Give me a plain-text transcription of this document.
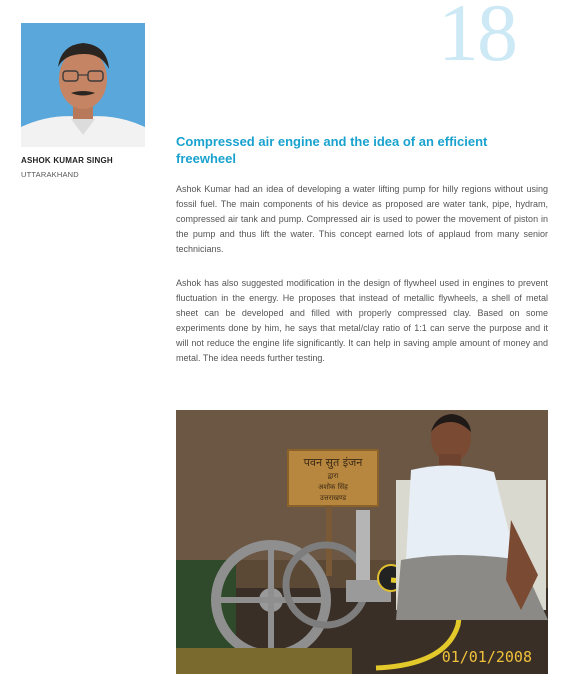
18
ASHOK KUMAR SINGH
UTTARAKHAND
Compressed air engine and the idea of an efficient freewheel

Ashok Kumar had an idea of developing a water lifting pump for hilly regions without using fossil fuel. The main components of his device as proposed are water tank, pipe, hydram, compressed air tank and pump. Compressed air is used to power the movement of piston in the pump and thus lift the water. This concept earned lots of applaud from many senior technicians.

Ashok has also suggested modification in the design of flywheel used in engines to prevent fluctuation in the energy. He proposes that instead of metallic flywheels, a shell of metal sheet can be developed and filled with properly compressed clay. Based on some experiments done by him, he says that metal/clay ratio of 1:1 can serve the purpose and it will not reduce the engine life significantly. It can help in saving ample amount of money and metal. The idea needs further testing.

पवन सुत इंजन
द्वारा
अशोक सिंह
उत्तराखण्ड
01/01/2008
